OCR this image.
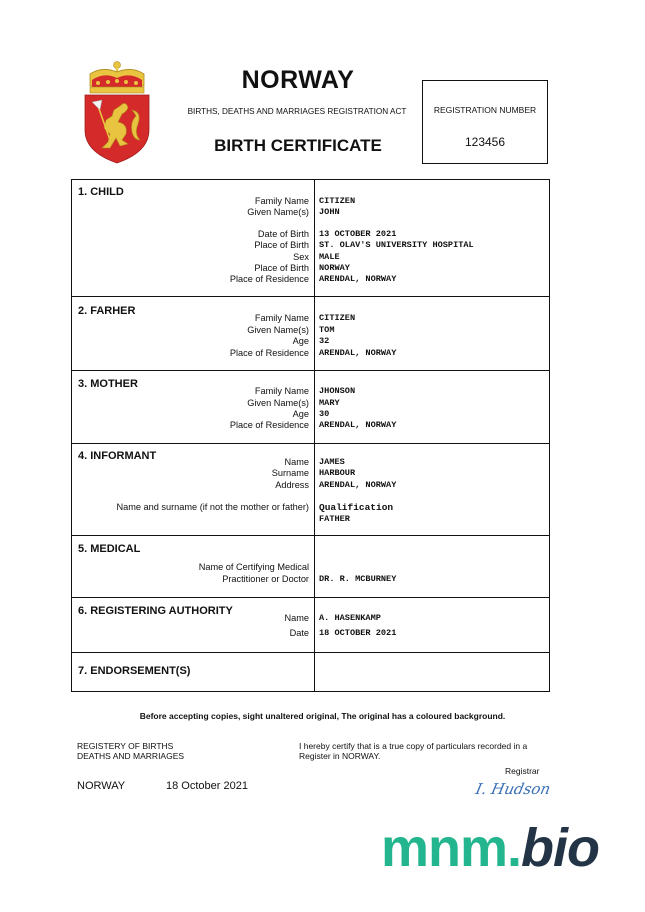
NORWAY
BIRTHS, DEATHS AND MARRIAGES REGISTRATION ACT
BIRTH CERTIFICATE
REGISTRATION NUMBER
123456
1. CHILD
Family Name CITIZEN
Given Name(s) JOHN
Date of Birth 13 OCTOBER 2021
Place of Birth ST. OLAV'S UNIVERSITY HOSPITAL
Sex MALE
Place of Birth NORWAY
Place of Residence ARENDAL, NORWAY
2. FARHER
Family Name CITIZEN
Given Name(s) TOM
Age 32
Place of Residence ARENDAL, NORWAY
3. MOTHER
Family Name JHONSON
Given Name(s) MARY
Age 30
Place of Residence ARENDAL, NORWAY
4. INFORMANT	Name JAMES
Surname HARBOUR
Address ARENDAL, NORWAY
Name and surname (if not the mother or father) Qualification
FATHER
5. MEDICAL
Name of Certifying Medical
Practitioner or Doctor DR. R. MCBURNEY
6. REGISTERING AUTHORITY
Name A. HASENKAMP
Date 18 OCTOBER 2021
7. ENDORSEMENT(S)
Before accepting copies, sight unaltered original, The original has a coloured background.
REGISTERY OF BIRTHS
DEATHS AND MARRIAGES
I hereby certify that is a true copy of particulars recorded in a
Register in NORWAY.
Registrar
NORWAY	18 October 2021	I. Hudson
mnm.bio
